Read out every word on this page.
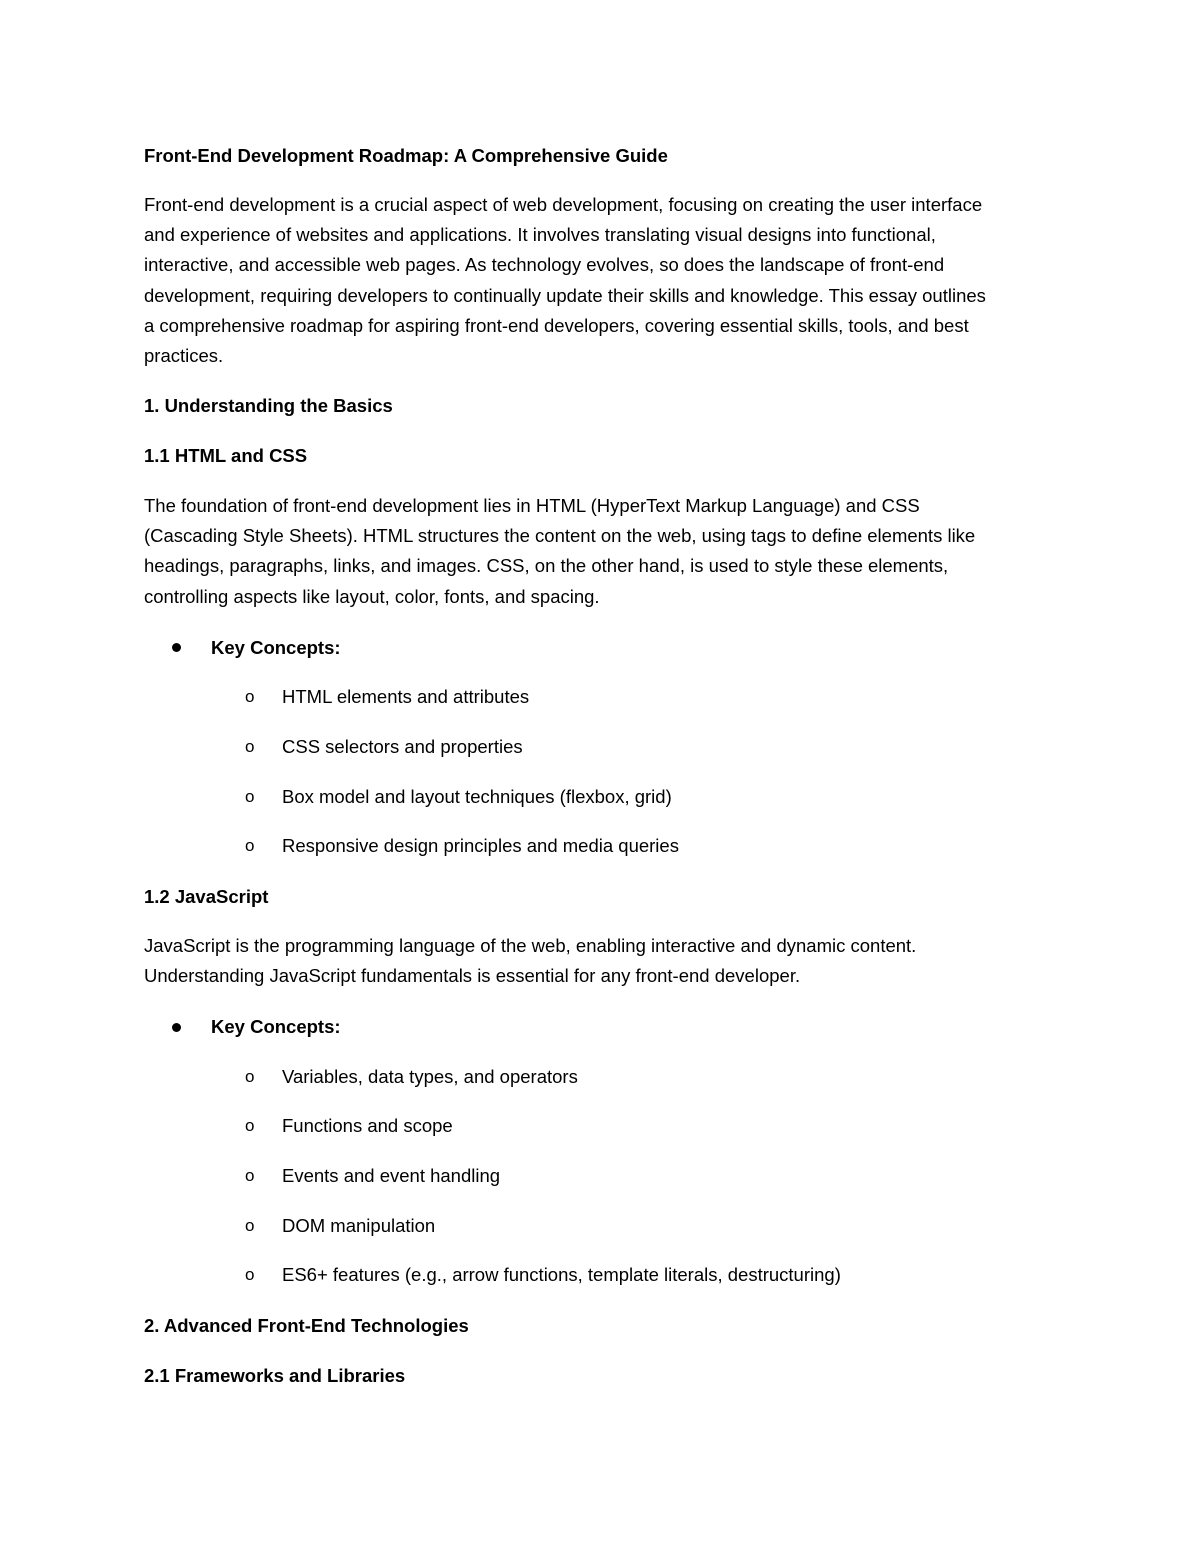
Front-End Development Roadmap: A Comprehensive Guide
Front-end development is a crucial aspect of web development, focusing on creating the user interface
and experience of websites and applications. It involves translating visual designs into functional,
interactive, and accessible web pages. As technology evolves, so does the landscape of front-end
development, requiring developers to continually update their skills and knowledge. This essay outlines
a comprehensive roadmap for aspiring front-end developers, covering essential skills, tools, and best
practices.
1. Understanding the Basics
1.1 HTML and CSS
The foundation of front-end development lies in HTML (HyperText Markup Language) and CSS
(Cascading Style Sheets). HTML structures the content on the web, using tags to define elements like
headings, paragraphs, links, and images. CSS, on the other hand, is used to style these elements,
controlling aspects like layout, color, fonts, and spacing.
Key Concepts:
o HTML elements and attributes
o CSS selectors and properties
o Box model and layout techniques (flexbox, grid)
o Responsive design principles and media queries
1.2 JavaScript
JavaScript is the programming language of the web, enabling interactive and dynamic content.
Understanding JavaScript fundamentals is essential for any front-end developer.
Key Concepts:
o Variables, data types, and operators
o Functions and scope
o Events and event handling
o DOM manipulation
o ES6+ features (e.g., arrow functions, template literals, destructuring)
2. Advanced Front-End Technologies
2.1 Frameworks and Libraries
